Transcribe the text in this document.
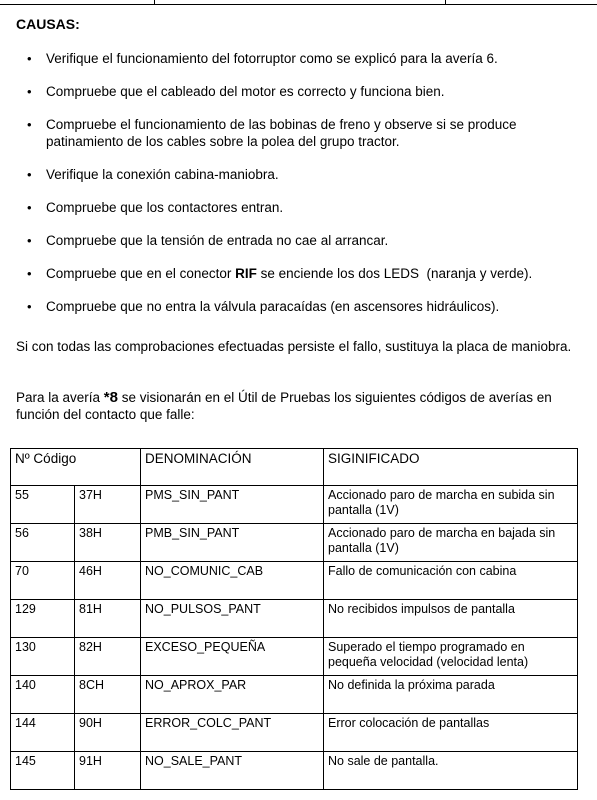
CAUSAS:
• Verifique el funcionamiento del fotorruptor como se explicó para la avería 6.
• Compruebe que el cableado del motor es correcto y funciona bien.
• Compruebe el funcionamiento de las bobinas de freno y observe si se produce patinamiento de los cables sobre la polea del grupo tractor.
• Verifique la conexión cabina-maniobra.
• Compruebe que los contactores entran.
• Compruebe que la tensión de entrada no cae al arrancar.
• Compruebe que en el conector RIF se enciende los dos LEDS  (naranja y verde).
• Compruebe que no entra la válvula paracaídas (en ascensores hidráulicos).

Si con todas las comprobaciones efectuadas persiste el fallo, sustituya la placa de maniobra.

Para la avería *8 se visionarán en el Útil de Pruebas los siguientes códigos de averías en función del contacto que falle:

Nº Código		DENOMINACIÓN	SIGINIFICADO
55	37H	PMS_SIN_PANT	Accionado paro de marcha en subida sin pantalla (1V)
56	38H	PMB_SIN_PANT	Accionado paro de marcha en bajada sin pantalla (1V)
70	46H	NO_COMUNIC_CAB	Fallo de comunicación con cabina
129	81H	NO_PULSOS_PANT	No recibidos impulsos de pantalla
130	82H	EXCESO_PEQUEÑA	Superado el tiempo programado en pequeña velocidad (velocidad lenta)
140	8CH	NO_APROX_PAR	No definida la próxima parada
144	90H	ERROR_COLC_PANT	Error colocación de pantallas
145	91H	NO_SALE_PANT	No sale de pantalla.
